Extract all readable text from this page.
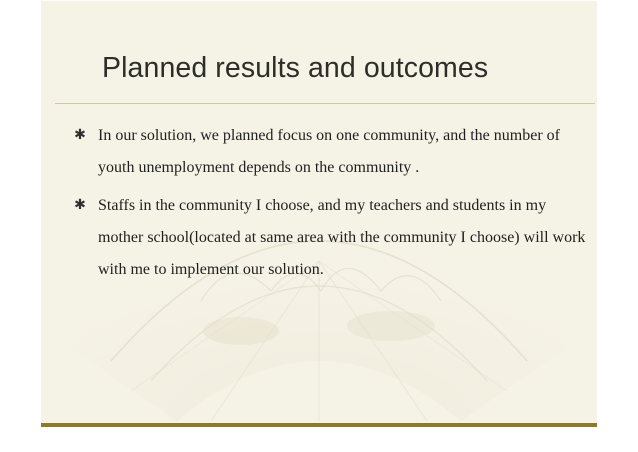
Planned results and outcomes
✱ In our solution, we planned focus on one community, and the number of youth unemployment depends on the community .
✱ Staffs in the community I choose, and my teachers and students in my mother school(located at same area with the community I choose) will work with me to implement our solution.
